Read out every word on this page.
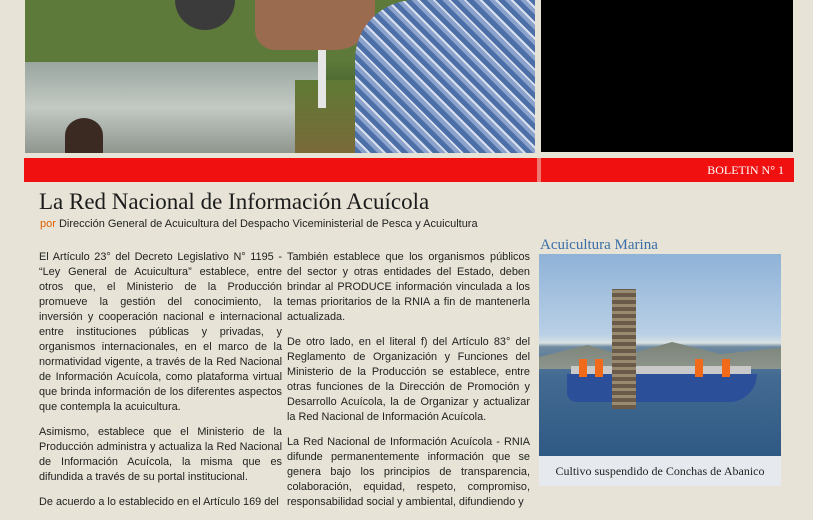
BOLETIN N° 1
La Red Nacional de Información Acuícola
por Dirección General de Acuicultura del Despacho Viceministerial de Pesca y Acuicultura

El Artículo 23° del Decreto Legislativo N° 1195 - “Ley General de Acuicultura” establece, entre otros que, el Ministerio de la Producción promueve la gestión del conocimiento, la inversión y cooperación nacional e internacional entre instituciones públicas y privadas, y organismos internacionales, en el marco de la normatividad vigente, a través de la Red Nacional de Información Acuícola, como plataforma virtual que brinda información de los diferentes aspectos que contempla la acuicultura.

Asimismo, establece que el Ministerio de la Producción administra y actualiza la Red Nacional de Información Acuícola, la misma que es difundida a través de su portal institucional.

De acuerdo a lo establecido en el Artículo 169 del

También establece que los organismos públicos del sector y otras entidades del Estado, deben brindar al PRODUCE información vinculada a los temas prioritarios de la RNIA a fin de mantenerla actualizada.

De otro lado, en el literal f) del Artículo 83° del Reglamento de Organización y Funciones del Ministerio de la Producción se establece, entre otras funciones de la Dirección de Promoción y Desarrollo Acuícola, la de Organizar y actualizar la Red Nacional de Información Acuícola.

La Red Nacional de Información Acuícola - RNIA difunde permanentemente información que se genera bajo los principios de transparencia, colaboración, equidad, respeto, compromiso, responsabilidad social y ambiental, difundiendo y

Acuicultura Marina
Cultivo suspendido de Conchas de Abanico
